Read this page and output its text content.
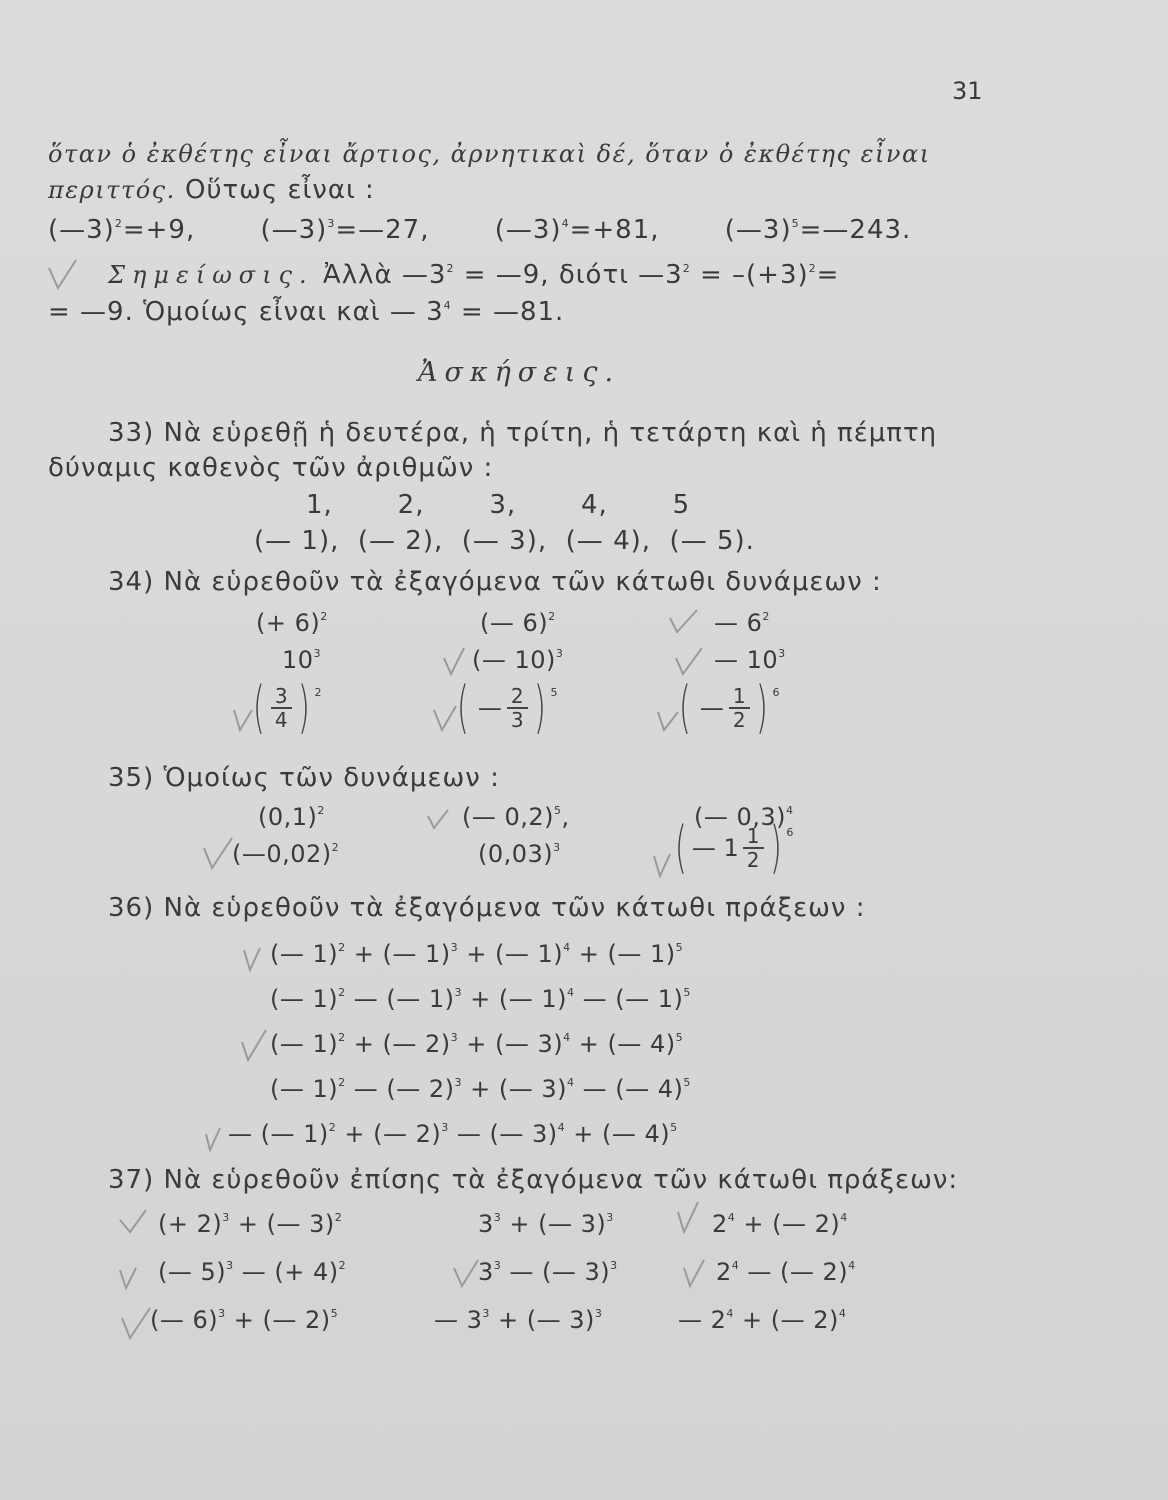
31
ὅταν ὁ ἐκθέτης εἶναι ἄρτιος, ἀρνητικαὶ δέ, ὅταν ὁ ἐκθέτης εἶναι
περιττός. Οὕτως εἶναι :
(—3)$^2$=+9,	(—3)$^3$=—27,	(—3)$^4$=+81,	(—3)$^5$=—243.
Σημείωσις. Ἀλλὰ $—3^2$ = —9, διότι $—3^2 = -(+3)^2=$
= —9. Ὁμοίως εἶναι καὶ — $3^4$ = —81.
Ἀσκήσεις.
33) Νὰ εὑρεθῇ ἡ δευτέρα, ἡ τρίτη, ἡ τετάρτη καὶ ἡ πέμπτη
δύναμις καθενὸς τῶν ἀριθμῶν :
1,       2,       3,       4,       5
(— 1),  (— 2),  (— 3),  (— 4),  (— 5).
34) Νὰ εὑρεθοῦν τὰ ἐξαγόμενα τῶν κάτωθι δυνάμεων :
(+ 6)$^2$	(— 6)$^2$	— $6^2$
$10^3$	(— 10)$^3$	— $10^3$
( $\frac{3}{4}$ ) 2 ( — $\frac{2}{3}$ ) 5 ( — $\frac{1}{2}$ ) 6
35) Ὁμοίως τῶν δυνάμεων :
$(0,1)^2$	(— 0,2)$^5$,	(— 0,3)$^4$
(—0,02)$^2$	$(0,03)^3$ ( — $1 \frac{1}{2}$ ) 6
36) Νὰ εὑρεθοῦν τὰ ἐξαγόμενα τῶν κάτωθι πράξεων :
(— 1)$^2$ + (— 1)$^3$ + (— 1)$^4$ + (— 1)$^5$
(— 1)$^2$ — (— 1)$^3$ + (— 1)$^4$ — (— 1)$^5$
(— 1)$^2$ + (— 2)$^3$ + (— 3)$^4$ + (— 4)$^5$
(— 1)$^2$ — (— 2)$^3$ + (— 3)$^4$ — (— 4)$^5$
— (— 1)$^2$ + (— 2)$^3$ — (— 3)$^4$ + (— 4)$^5$
37) Νὰ εὑρεθοῦν ἐπίσης τὰ ἐξαγόμενα τῶν κάτωθι πράξεων:
(+ 2)$^3$ + (— 3)$^2$	$3^3$ + (— 3)$^3$	$2^4$ + (— 2)$^4$
(— 5)$^3$ — (+ 4)$^2$	$3^3$ — (— 3)$^3$	$2^4$ — (— 2)$^4$
(— 6)$^3$ + (— 2)$^5$	— $3^3$ + (— 3)$^3$	— $2^4$ + (— 2)$^4$
